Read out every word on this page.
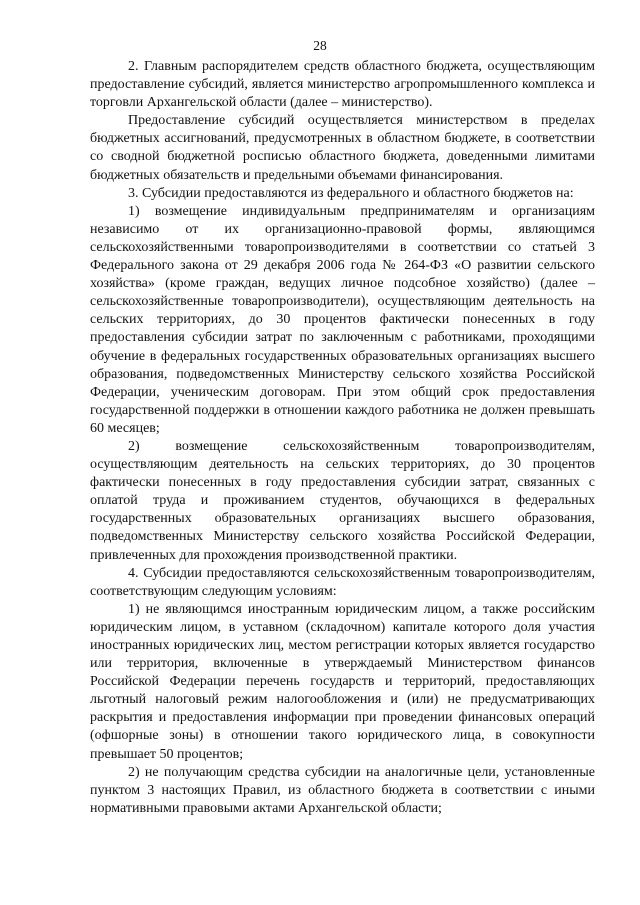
28

2. Главным распорядителем средств областного бюджета, осуществляющим предоставление субсидий, является министерство агропромышленного комплекса и торговли Архангельской области (далее – министерство).

Предоставление субсидий осуществляется министерством в пределах бюджетных ассигнований, предусмотренных в областном бюджете, в соответствии со сводной бюджетной росписью областного бюджета, доведенными лимитами бюджетных обязательств и предельными объемами финансирования.

3. Субсидии предоставляются из федерального и областного бюджетов на:

1) возмещение индивидуальным предпринимателям и организациям независимо от их организационно-правовой формы, являющимся сельскохозяйственными товаропроизводителями в соответствии со статьей 3 Федерального закона от 29 декабря 2006 года № 264-ФЗ «О развитии сельского хозяйства» (кроме граждан, ведущих личное подсобное хозяйство) (далее – сельскохозяйственные товаропроизводители), осуществляющим деятельность на сельских территориях, до 30 процентов фактически понесенных в году предоставления субсидии затрат по заключенным с работниками, проходящими обучение в федеральных государственных образовательных организациях высшего образования, подведомственных Министерству сельского хозяйства Российской Федерации, ученическим договорам. При этом общий срок предоставления государственной поддержки в отношении каждого работника не должен превышать 60 месяцев;

2) возмещение сельскохозяйственным товаропроизводителям, осуществляющим деятельность на сельских территориях, до 30 процентов фактически понесенных в году предоставления субсидии затрат, связанных с оплатой труда и проживанием студентов, обучающихся в федеральных государственных образовательных организациях высшего образования, подведомственных Министерству сельского хозяйства Российской Федерации, привлеченных для прохождения производственной практики.

4. Субсидии предоставляются сельскохозяйственным товаропроизводителям, соответствующим следующим условиям:

1) не являющимся иностранным юридическим лицом, а также российским юридическим лицом, в уставном (складочном) капитале которого доля участия иностранных юридических лиц, местом регистрации которых является государство или территория, включенные в утверждаемый Министерством финансов Российской Федерации перечень государств и территорий, предоставляющих льготный налоговый режим налогообложения и (или) не предусматривающих раскрытия и предоставления информации при проведении финансовых операций (офшорные зоны) в отношении такого юридического лица, в совокупности превышает 50 процентов;

2) не получающим средства субсидии на аналогичные цели, установленные пунктом 3 настоящих Правил, из областного бюджета в соответствии с иными нормативными правовыми актами Архангельской области;
